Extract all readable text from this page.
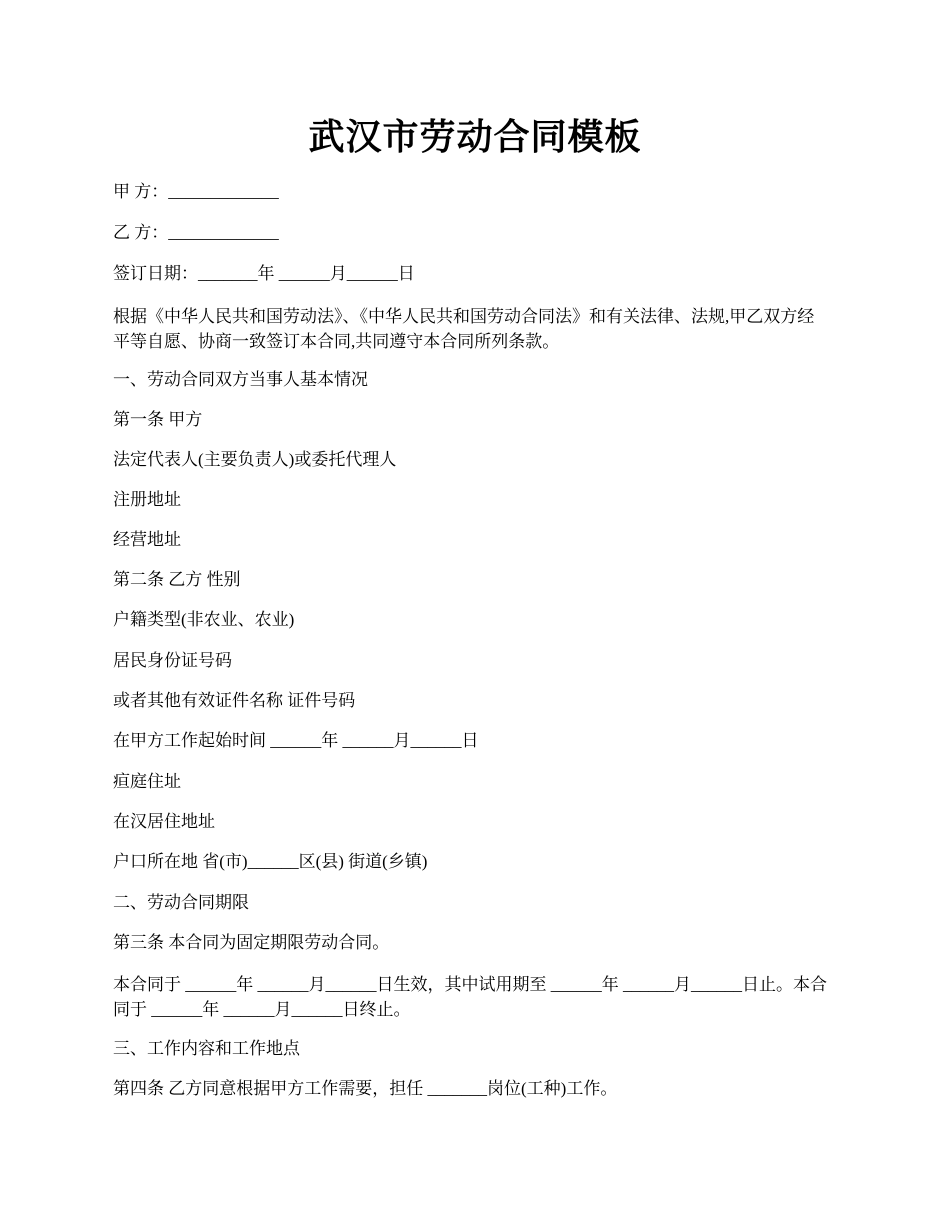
武汉市劳动合同模板
甲 方：_____________
乙 方：_____________
签订日期：_______年 ______月______日
根据《中华人民共和国劳动法》、《中华人民共和国劳动合同法》和有关法律、法规,甲乙双方经平等自愿、协商一致签订本合同,共同遵守本合同所列条款。
一、劳动合同双方当事人基本情况
第一条 甲方
法定代表人(主要负责人)或委托代理人
注册地址
经营地址
第二条 乙方 性别
户籍类型(非农业、农业)
居民身份证号码
或者其他有效证件名称 证件号码
在甲方工作起始时间 ______年 ______月______日
疸庭住址
在汉居住地址
户口所在地 省(市)______区(县) 街道(乡镇)
二、劳动合同期限
第三条 本合同为固定期限劳动合同。
本合同于 ______年 ______月______日生效，其中试用期至 ______年 ______月______日止。本合同于 ______年 ______月______日终止。
三、工作内容和工作地点
第四条 乙方同意根据甲方工作需要，担任 _______岗位(工种)工作。
